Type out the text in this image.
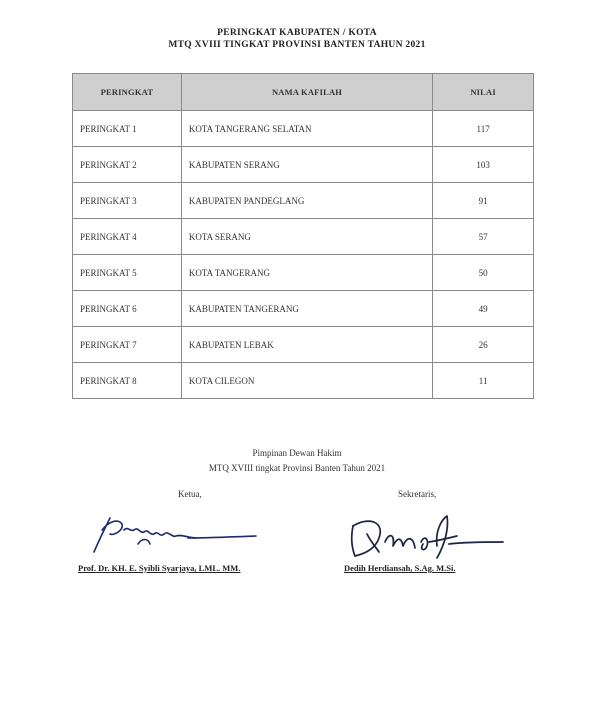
PERINGKAT KABUPATEN / KOTA
MTQ XVIII TINGKAT PROVINSI BANTEN TAHUN 2021
PERINGKAT	NAMA KAFILAH	NILAI
PERINGKAT 1	KOTA TANGERANG SELATAN	117
PERINGKAT 2	KABUPATEN SERANG	103
PERINGKAT 3	KABUPATEN PANDEGLANG	91
PERINGKAT 4	KOTA SERANG	57
PERINGKAT 5	KOTA TANGERANG	50
PERINGKAT 6	KABUPATEN TANGERANG	49
PERINGKAT 7	KABUPATEN LEBAK	26
PERINGKAT 8	KOTA CILEGON	11
Pimpinan Dewan Hakim
MTQ XVIII tingkat Provinsi Banten Tahun 2021
Ketua,	Sekretaris,
Prof. Dr. KH. E. Syibli Syarjaya, LML. MM.	Dedih Herdiansah, S.Ag. M.Si.
